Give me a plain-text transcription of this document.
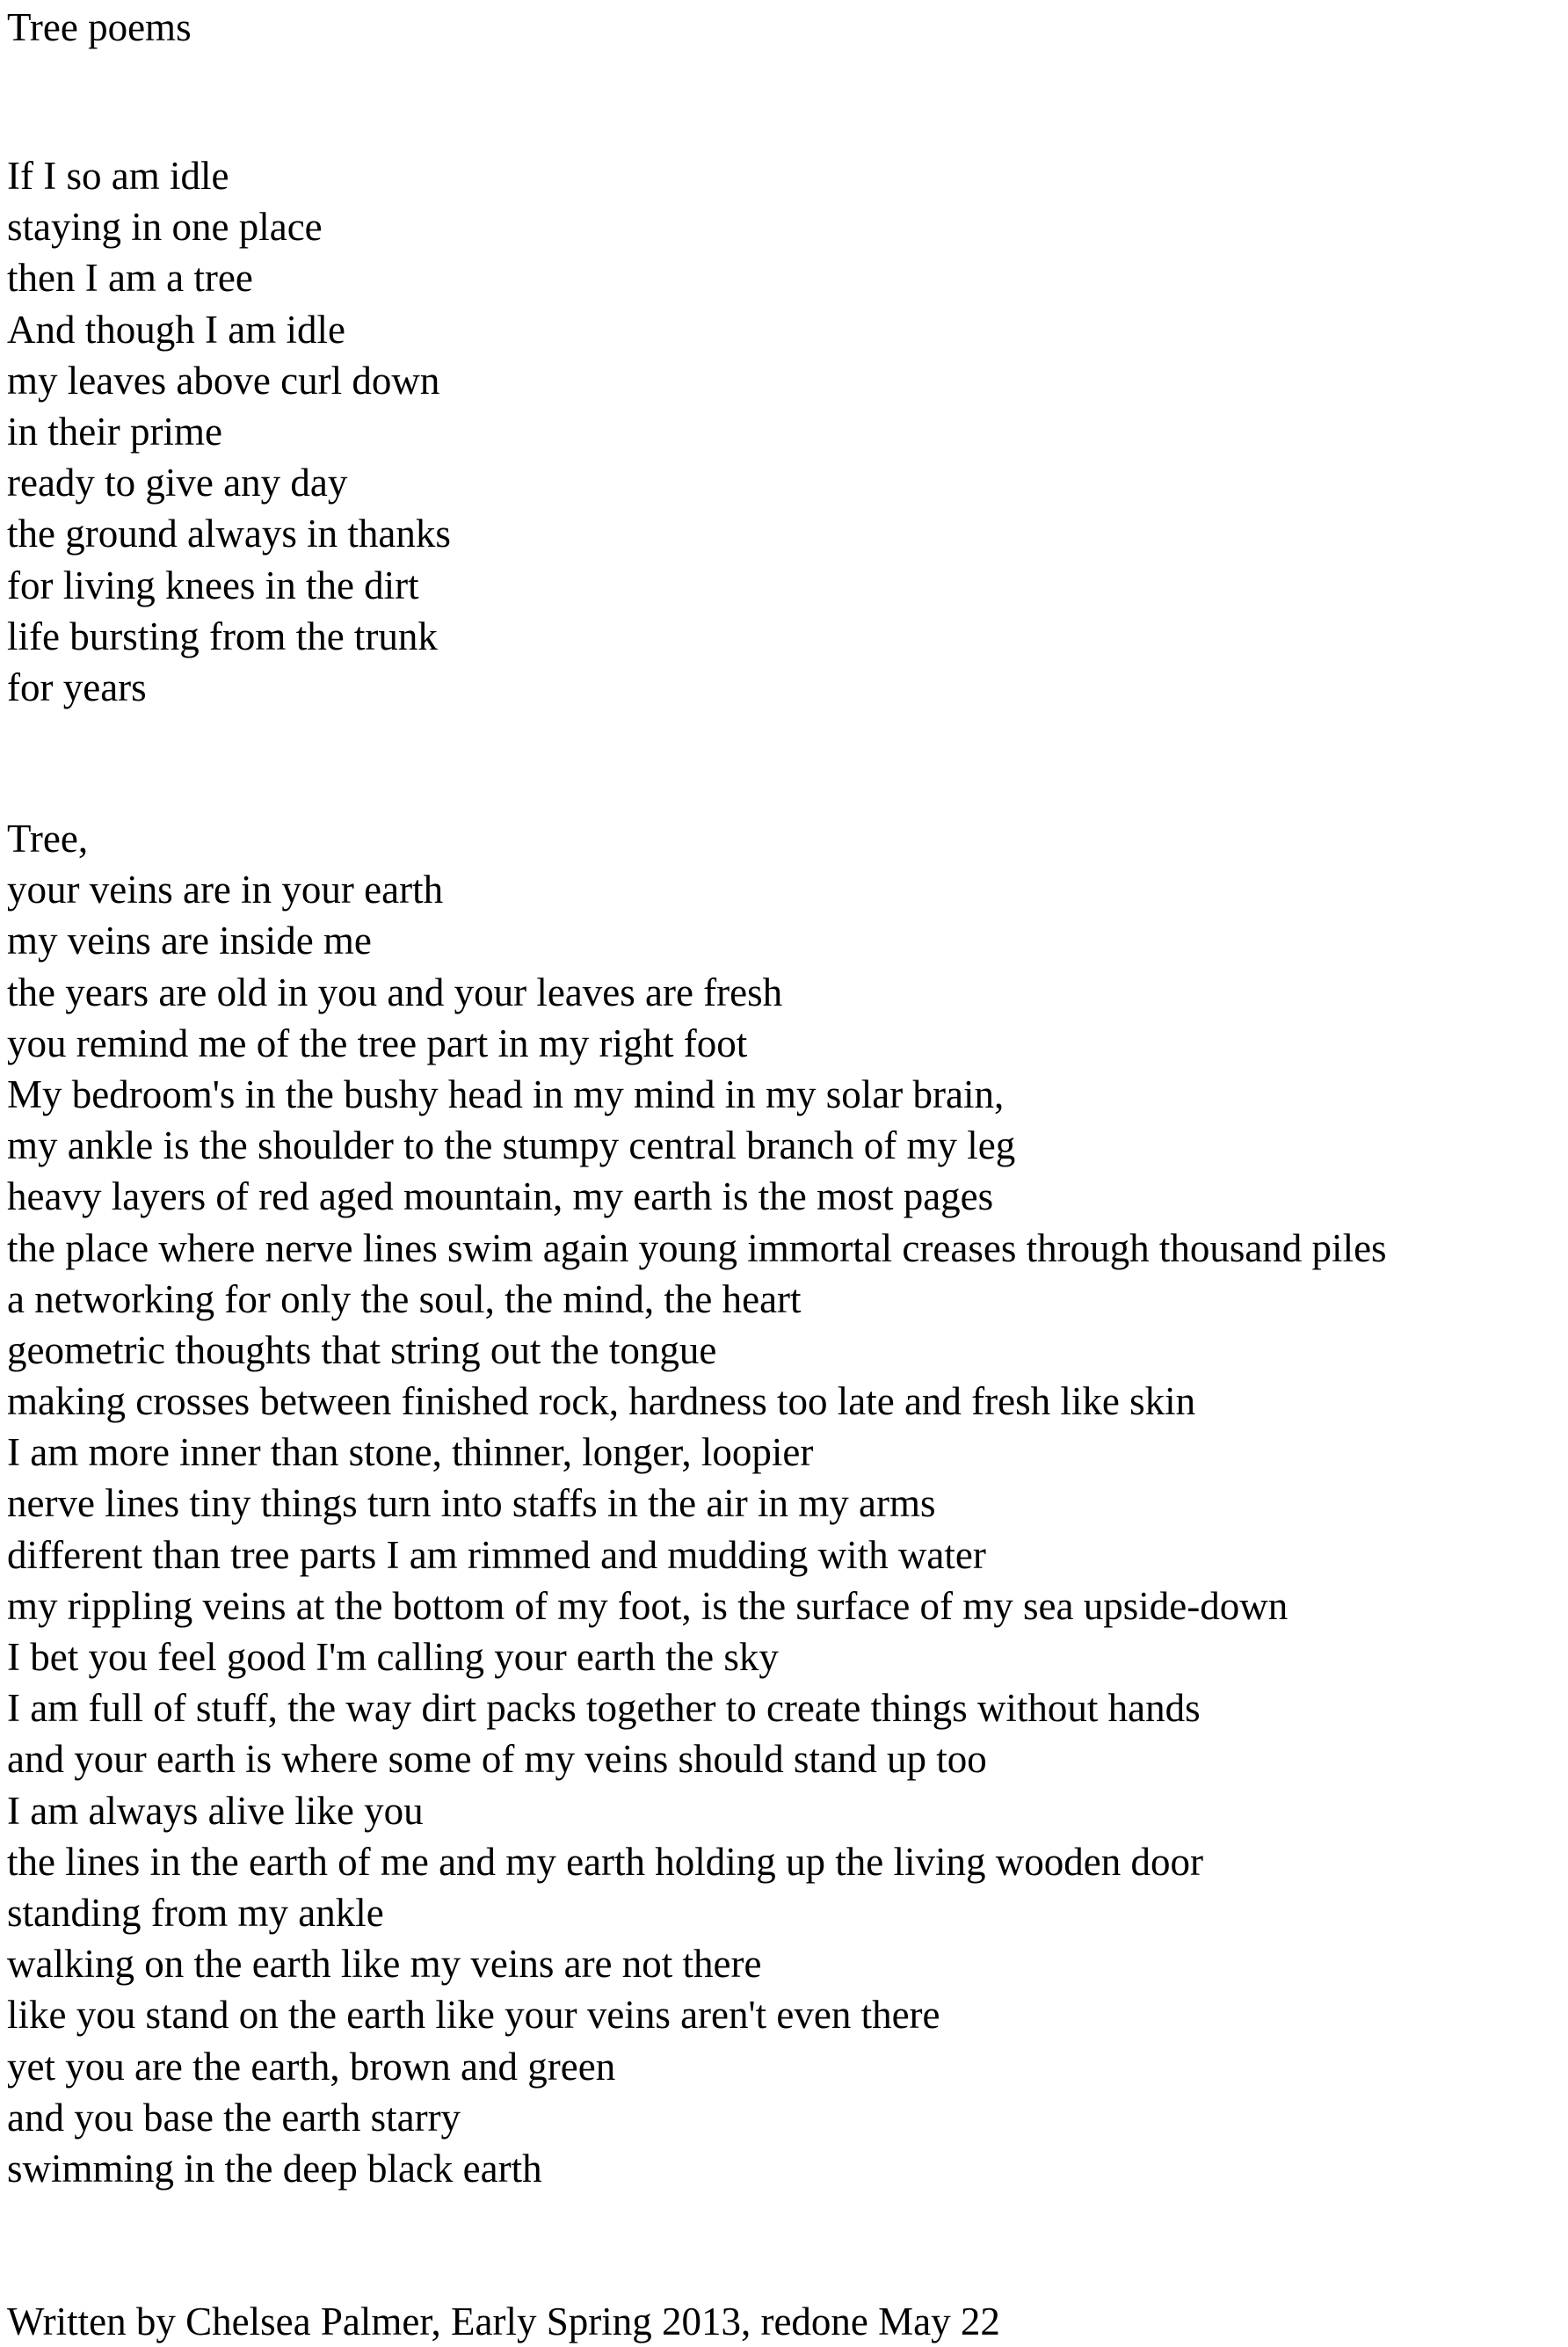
Tree poems
If I so am idle
staying in one place
then I am a tree
And though I am idle
my leaves above curl down
in their prime
ready to give any day
the ground always in thanks
for living knees in the dirt
life bursting from the trunk
for years
Tree,
your veins are in your earth
my veins are inside me
the years are old in you and your leaves are fresh
you remind me of the tree part in my right foot
My bedroom's in the bushy head in my mind in my solar brain,
my ankle is the shoulder to the stumpy central branch of my leg
heavy layers of red aged mountain, my earth is the most pages
the place where nerve lines swim again young immortal creases through thousand piles
a networking for only the soul, the mind, the heart
geometric thoughts that string out the tongue
making crosses between finished rock, hardness too late and fresh like skin
I am more inner than stone, thinner, longer, loopier
nerve lines tiny things turn into staffs in the air in my arms
different than tree parts I am rimmed and mudding with water
my rippling veins at the bottom of my foot, is the surface of my sea upside-down
I bet you feel good I'm calling your earth the sky
I am full of stuff, the way dirt packs together to create things without hands
and your earth is where some of my veins should stand up too
I am always alive like you
the lines in the earth of me and my earth holding up the living wooden door
standing from my ankle
walking on the earth like my veins are not there
like you stand on the earth like your veins aren't even there
yet you are the earth, brown and green
and you base the earth starry
swimming in the deep black earth
Written by Chelsea Palmer, Early Spring 2013, redone May 22
